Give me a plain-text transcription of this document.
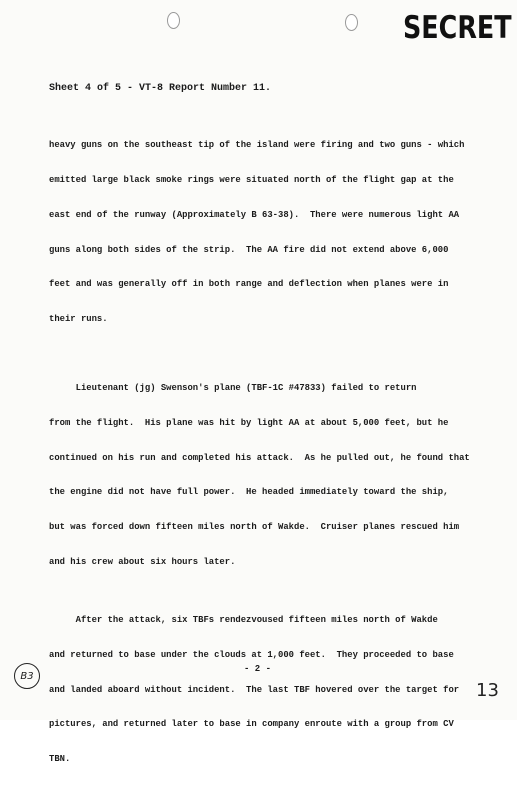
SECRET
Sheet 4 of 5 - VT-8 Report Number 11.

heavy guns on the southeast tip of the island were firing and two guns - which

emitted large black smoke rings were situated north of the flight gap at the

east end of the runway (Approximately B 63-38).  There were numerous light AA

guns along both sides of the strip.  The AA fire did not extend above 6,000

feet and was generally off in both range and deflection when planes were in

their runs.

Lieutenant (jg) Swenson's plane (TBF-1C #47833) failed to return

from the flight.  His plane was hit by light AA at about 5,000 feet, but he

continued on his run and completed his attack.  As he pulled out, he found that

the engine did not have full power.  He headed immediately toward the ship,

but was forced down fifteen miles north of Wakde.  Cruiser planes rescued him

and his crew about six hours later.

After the attack, six TBFs rendezvoused fifteen miles north of Wakde

and returned to base under the clouds at 1,000 feet.  They proceeded to base

and landed aboard without incident.  The last TBF hovered over the target for

pictures, and returned later to base in company enroute with a group from CV

TBN.

- 2 -
B3
13
